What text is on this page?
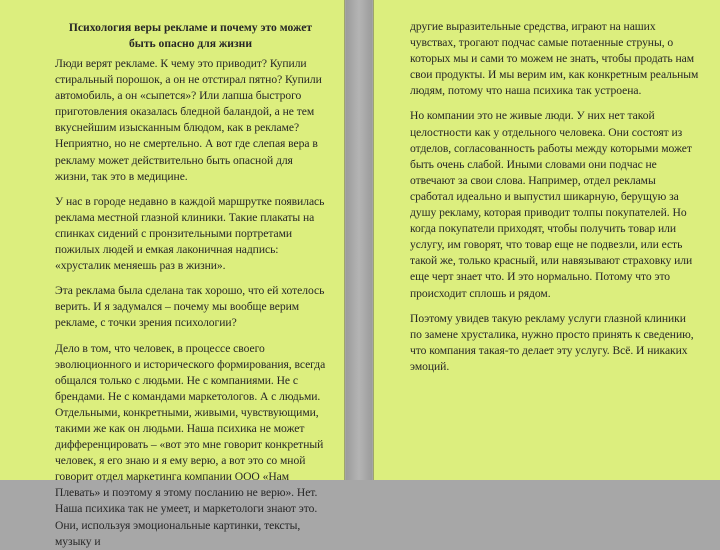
Психология веры рекламе и почему это может быть опасно для жизни

Люди верят рекламе. К чему это приводит? Купили стиральный порошок, а он не отстирал пятно? Купили автомобиль, а он «сыпется»? Или лапша быстрого приготовления оказалась бледной баландой, а не тем вкуснейшим изысканным блюдом, как в рекламе? Неприятно, но не смертельно. А вот где слепая вера в рекламу может действительно быть опасной для жизни, так это в медицине.

У нас в городе недавно в каждой маршрутке появилась реклама местной глазной клиники. Такие плакаты на спинках сидений с пронзительными портретами пожилых людей и емкая лаконичная надпись: «хрусталик меняешь раз в жизни».

Эта реклама была сделана так хорошо, что ей хотелось верить. И я задумался – почему мы вообще верим рекламе, с точки зрения психологии?

Дело в том, что человек, в процессе своего эволюционного и исторического формирования, всегда общался только с людьми. Не с компаниями. Не с брендами. Не с командами маркетологов. А с людьми. Отдельными, конкретными, живыми, чувствующими, такими же как он людьми. Наша психика не может дифференцировать – «вот это мне говорит конкретный человек, я его знаю и я ему верю, а вот это со мной говорит отдел маркетинга компании ООО «Нам Плевать» и поэтому я этому посланию не верю». Нет. Наша психика так не умеет, и маркетологи знают это. Они, используя эмоциональные картинки, тексты, музыку и

другие выразительные средства, играют на наших чувствах, трогают подчас самые потаенные струны, о которых мы и сами то можем не знать, чтобы продать нам свои продукты. И мы верим им, как конкретным реальным людям, потому что наша психика так устроена.

Но компании это не живые люди. У них нет такой целостности как у отдельного человека. Они состоят из отделов, согласованность работы между которыми может быть очень слабой. Иными словами они подчас не отвечают за свои слова. Например, отдел рекламы сработал идеально и выпустил шикарную, берущую за душу рекламу, которая приводит толпы покупателей. Но когда покупатели приходят, чтобы получить товар или услугу, им говорят, что товар еще не подвезли, или есть такой же, только красный, или навязывают страховку или еще черт знает что. И это нормально. Потому что это происходит сплошь и рядом.

Поэтому увидев такую рекламу услуги глазной клиники по замене хрусталика, нужно просто принять к сведению, что компания такая-то делает эту услугу. Всё. И никаких эмоций.
